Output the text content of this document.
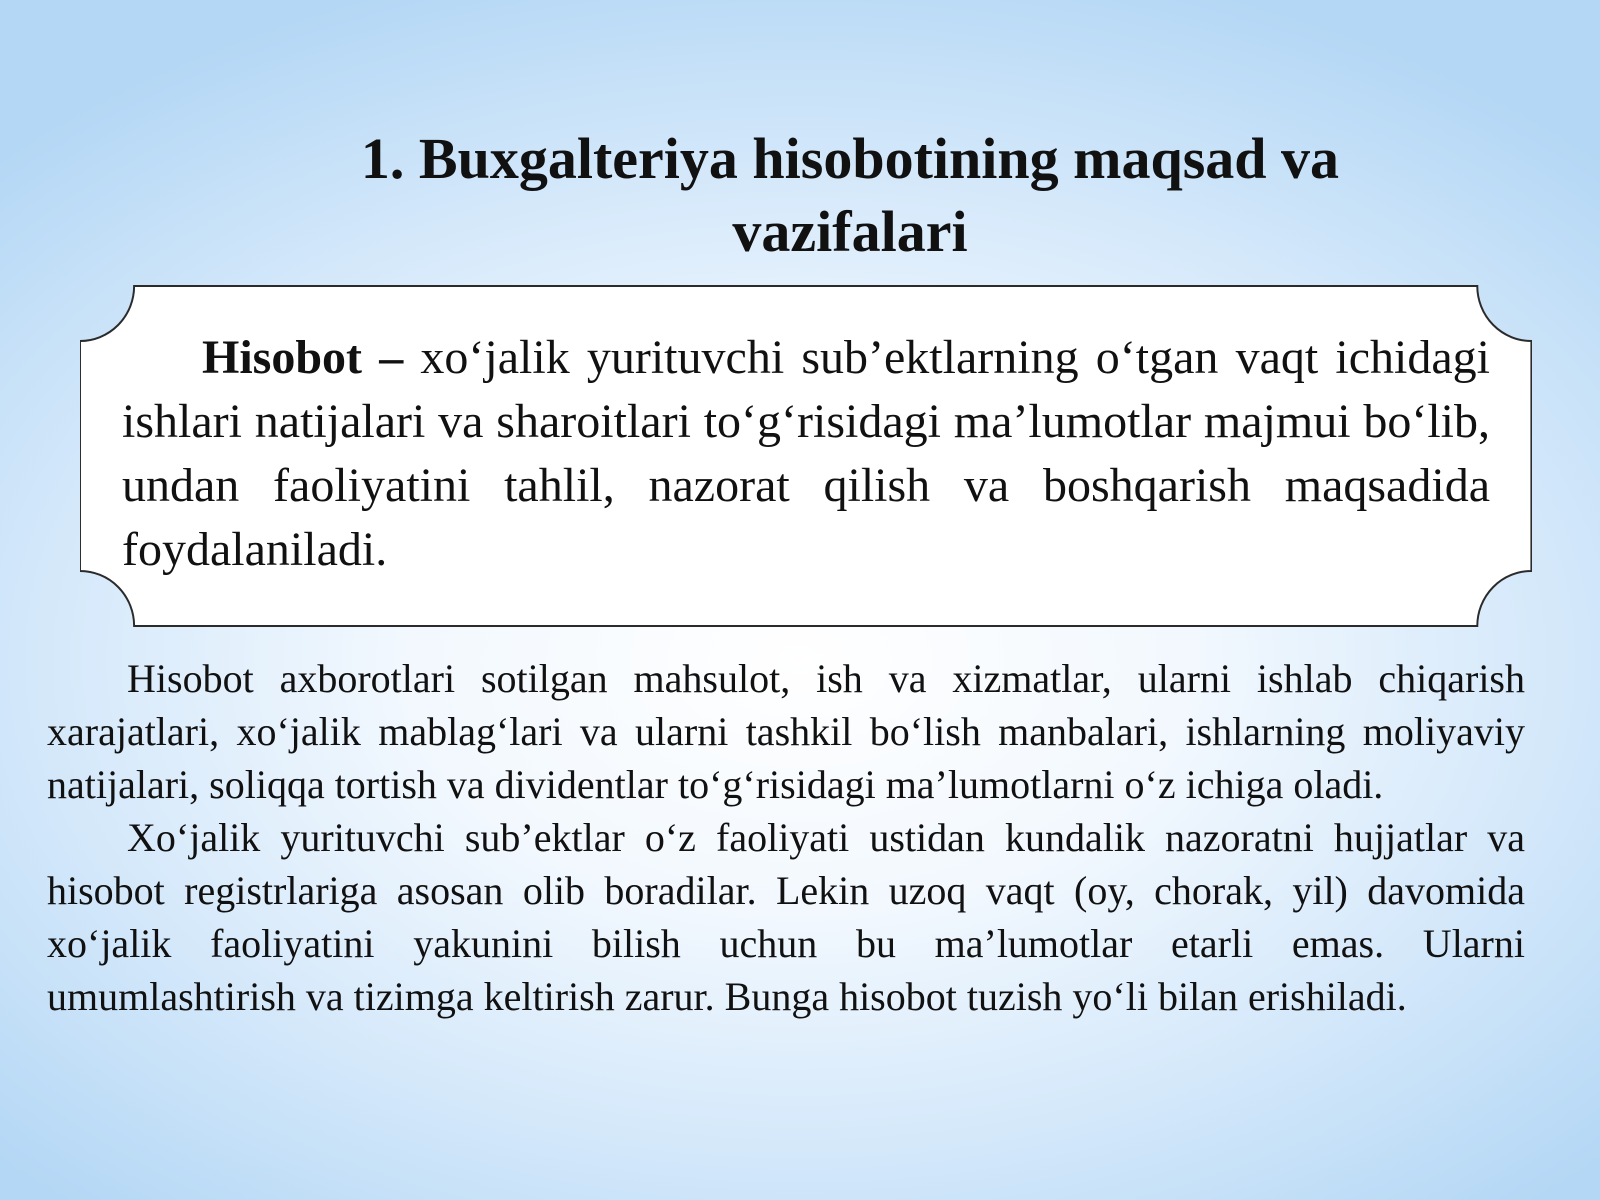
1. Buxgalteriya hisobotining maqsad va
vazifalari

Hisobot – xo‘jalik yurituvchi sub’ektlarning o‘tgan vaqt ichidagi ishlari natijalari va sharoitlari to‘g‘risidagi ma’lumotlar majmui bo‘lib, undan faoliyatini tahlil, nazorat qilish va boshqarish maqsadida foydalaniladi.

Hisobot axborotlari sotilgan mahsulot, ish va xizmatlar, ularni ishlab chiqarish xarajatlari, xo‘jalik mablag‘lari va ularni tashkil bo‘lish manbalari, ishlarning moliyaviy natijalari, soliqqa tortish va dividentlar to‘g‘risidagi ma’lumotlarni o‘z ichiga oladi.

Xo‘jalik yurituvchi sub’ektlar o‘z faoliyati ustidan kundalik nazoratni hujjatlar va hisobot registrlariga asosan olib boradilar. Lekin uzoq vaqt (oy, chorak, yil) davomida xo‘jalik faoliyatini yakunini bilish uchun bu ma’lumotlar etarli emas. Ularni umumlashtirish va tizimga keltirish zarur. Bunga hisobot tuzish yo‘li bilan erishiladi.
